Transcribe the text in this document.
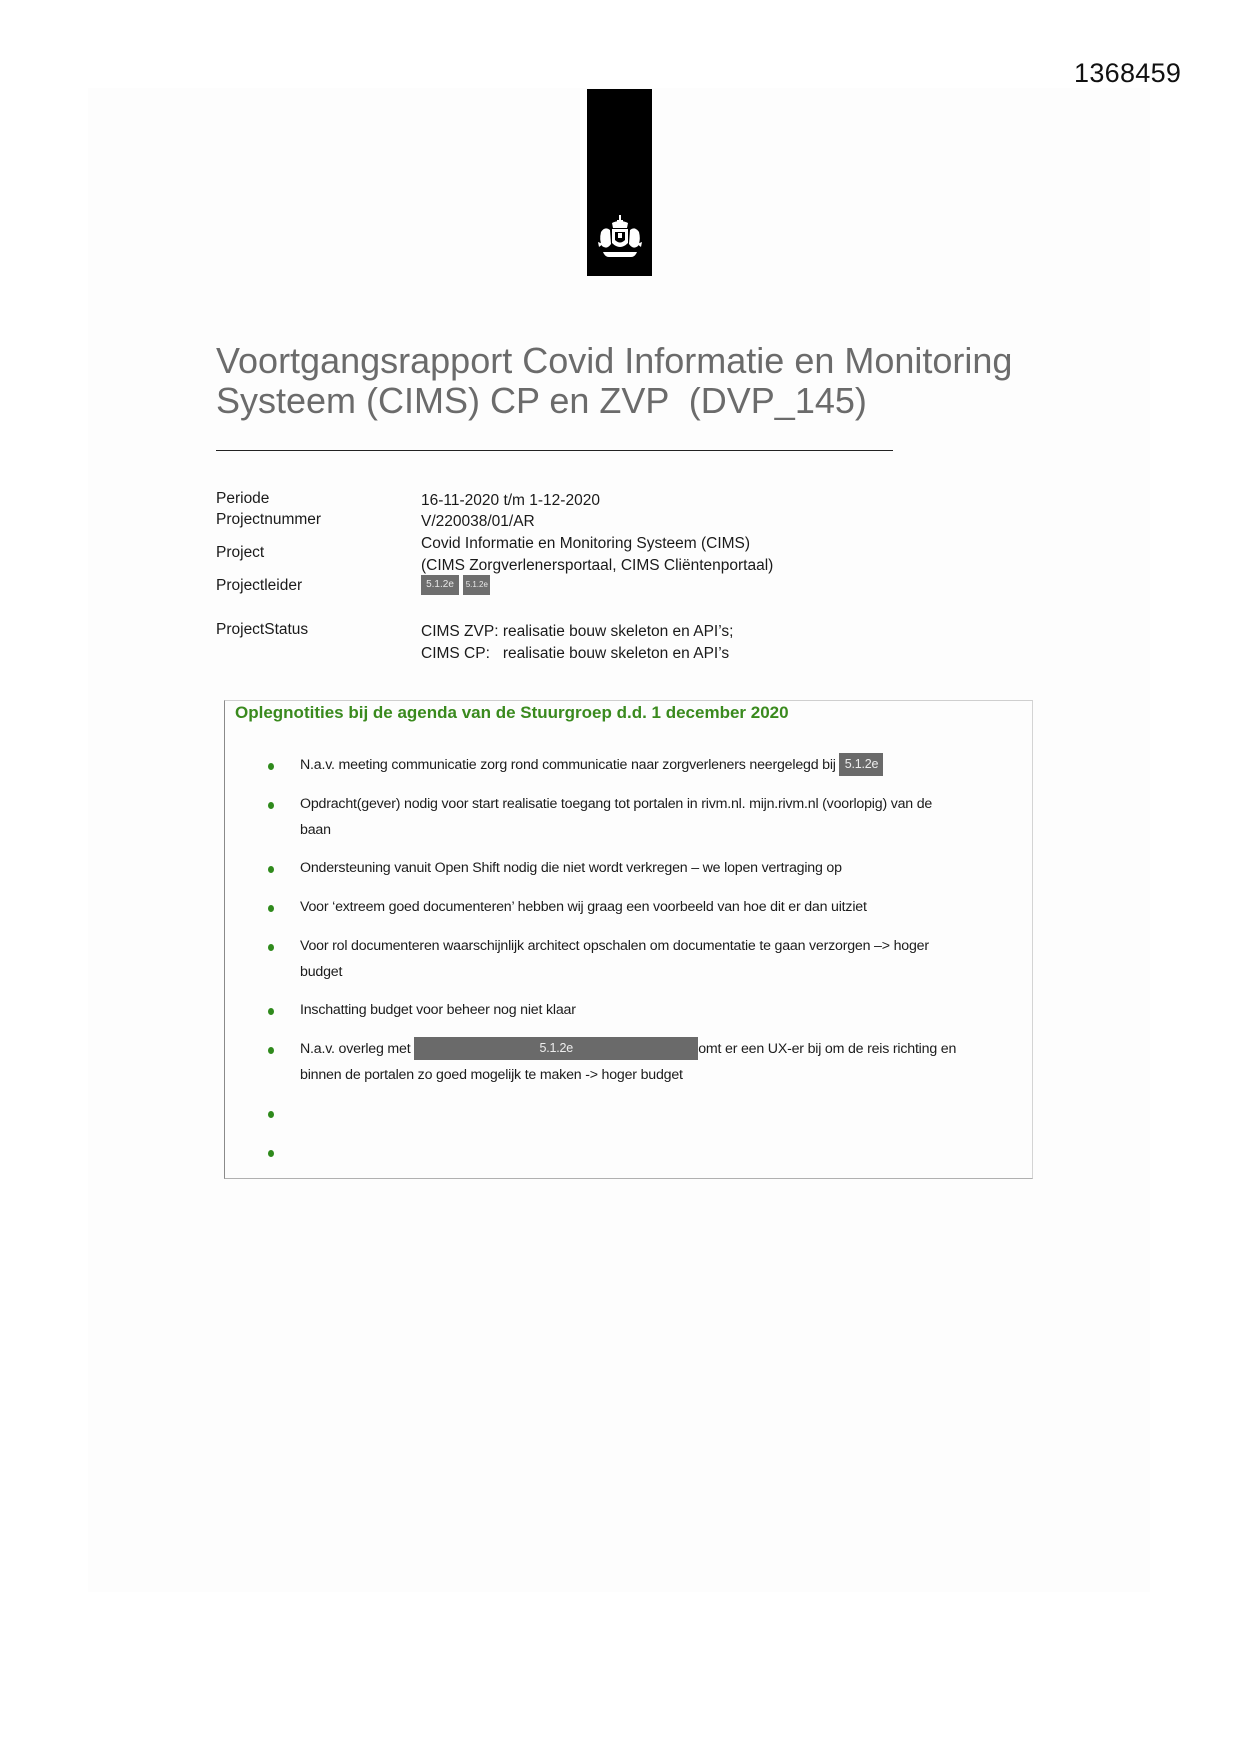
1368459
Voortgangsrapport Covid Informatie en Monitoring
Systeem (CIMS) CP en ZVP  (DVP_145)
Periode	16-11-2020 t/m 1-12-2020
Projectnummer	V/220038/01/AR
Project
Covid Informatie en Monitoring Systeem (CIMS)
(CIMS Zorgverlenersportaal, CIMS Cliëntenportaal)
Projectleider	5.1.2e 5.1.2e
ProjectStatus	CIMS ZVP: realisatie bouw skeleton en API’s;
CIMS CP:   realisatie bouw skeleton en API’s
Oplegnotities bij de agenda van de Stuurgroep d.d. 1 december 2020
N.a.v. meeting communicatie zorg rond communicatie naar zorgverleners neergelegd bij 5.1.2e
Opdracht(gever) nodig voor start realisatie toegang tot portalen in rivm.nl. mijn.rivm.nl (voorlopig) van de
baan
Ondersteuning vanuit Open Shift nodig die niet wordt verkregen – we lopen vertraging op
Voor ‘extreem goed documenteren’ hebben wij graag een voorbeeld van hoe dit er dan uitziet
Voor rol documenteren waarschijnlijk architect opschalen om documentatie te gaan verzorgen –> hoger
budget
Inschatting budget voor beheer nog niet klaar
N.a.v. overleg met	5.1.2e	omt er een UX-er bij om de reis richting en
binnen de portalen zo goed mogelijk te maken -> hoger budget
